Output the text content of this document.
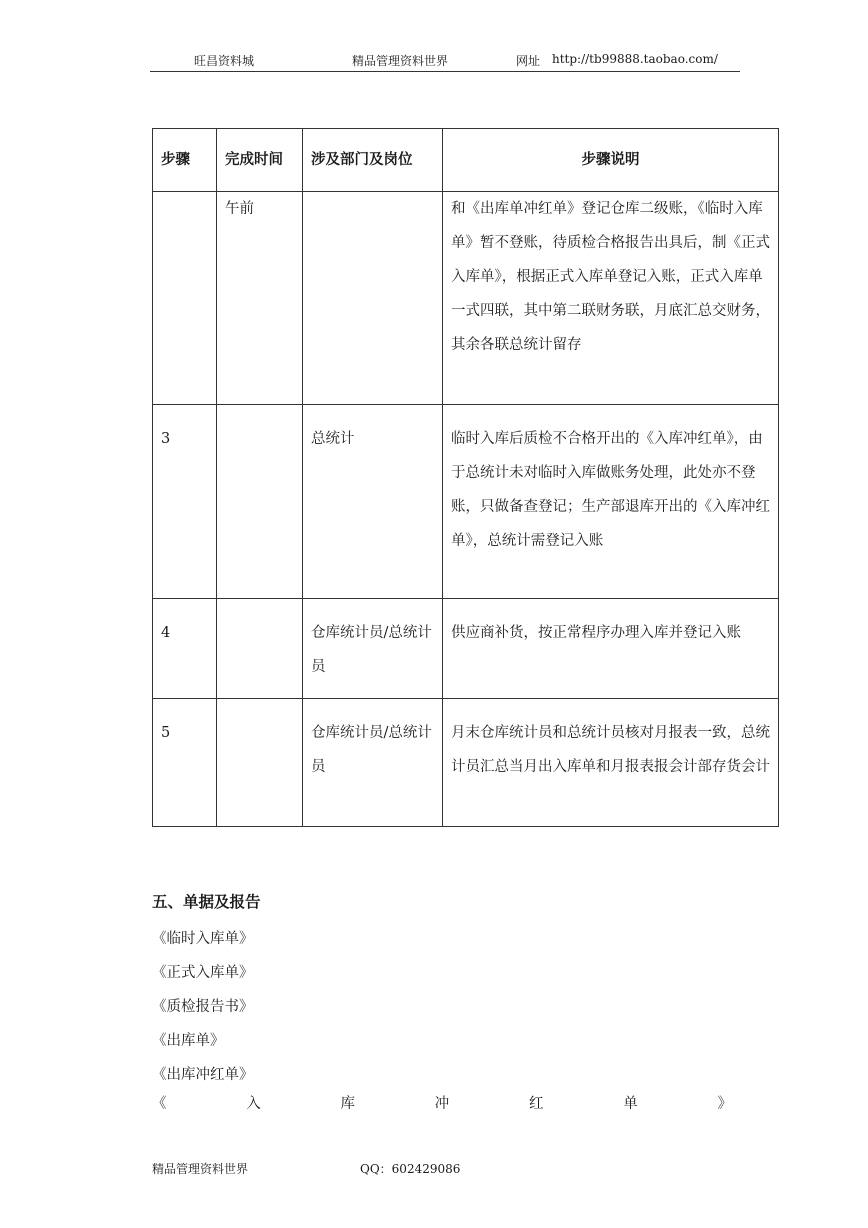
旺昌资料城	精品管理资料世界	网址 http://tb99888.taobao.com/
步骤	完成时间	涉及部门及岗位	步骤说明
	午前		和《出库单冲红单》登记仓库二级账，《临时入库单》暂不登账，待质检合格报告出具后，制《正式入库单》，根据正式入库单登记入账，正式入库单一式四联，其中第二联财务联，月底汇总交财务，其余各联总统计留存
3		总统计	临时入库后质检不合格开出的《入库冲红单》，由于总统计未对临时入库做账务处理，此处亦不登账，只做备查登记；生产部退库开出的《入库冲红单》，总统计需登记入账
4		仓库统计员/总统计员	供应商补货，按正常程序办理入库并登记入账
5		仓库统计员/总统计员	月末仓库统计员和总统计员核对月报表一致，总统计员汇总当月出入库单和月报表报会计部存货会计
五、单据及报告
《临时入库单》
《正式入库单》
《质检报告书》
《出库单》
《出库冲红单》
《	入	库	冲	红	单	》
精品管理资料世界	QQ：602429086
